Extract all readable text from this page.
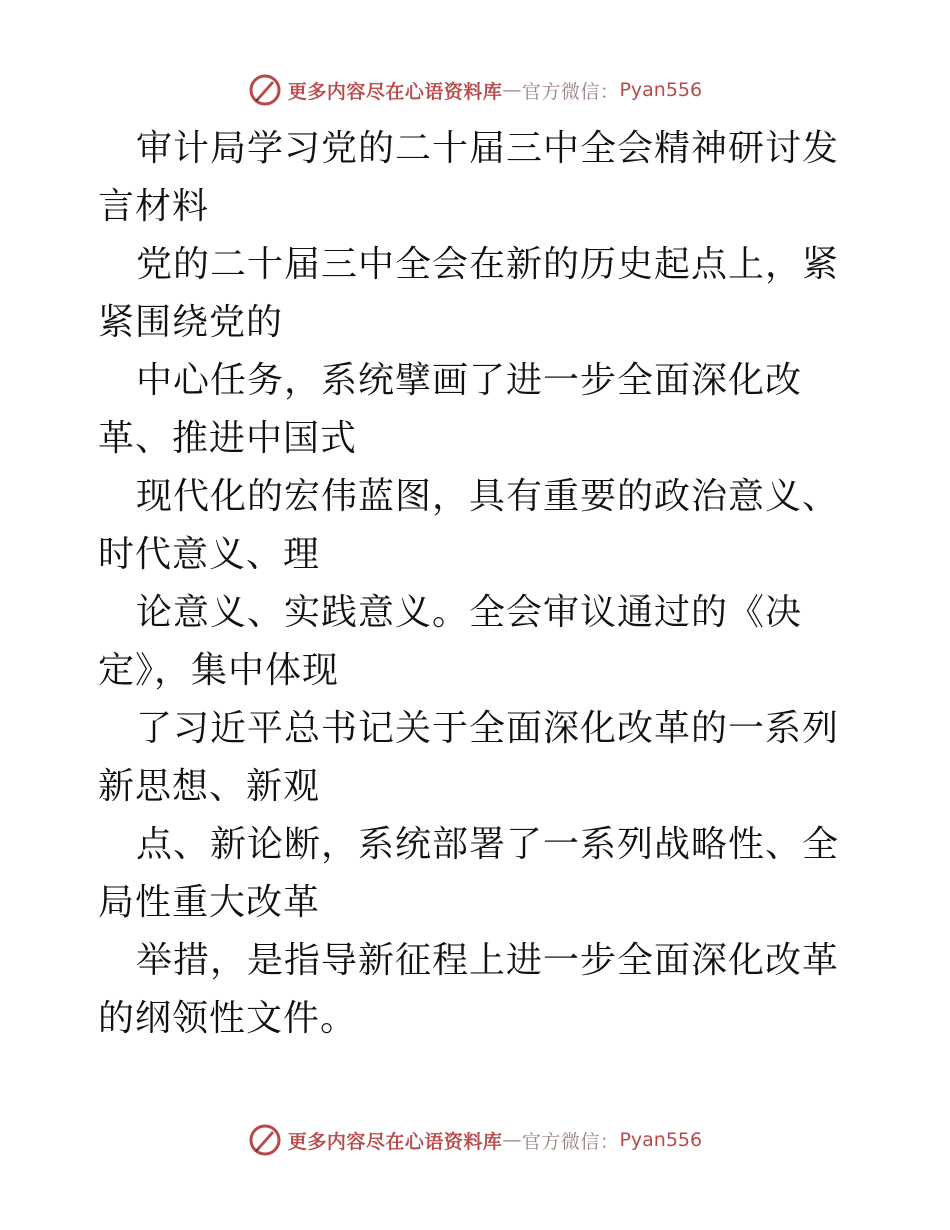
更多内容尽在心语资料库 — 官方微信： Pyan556

审计局学习党的二十届三中全会精神研讨发言材料

党的二十届三中全会在新的历史起点上，紧紧围绕党的

中心任务，系统擘画了进一步全面深化改革、推进中国式

现代化的宏伟蓝图，具有重要的政治意义、时代意义、理

论意义、实践意义。全会审议通过的《决定》，集中体现

了习近平总书记关于全面深化改革的一系列新思想、新观

点、新论断，系统部署了一系列战略性、全局性重大改革

举措，是指导新征程上进一步全面深化改革的纲领性文件。

更多内容尽在心语资料库 — 官方微信： Pyan556
